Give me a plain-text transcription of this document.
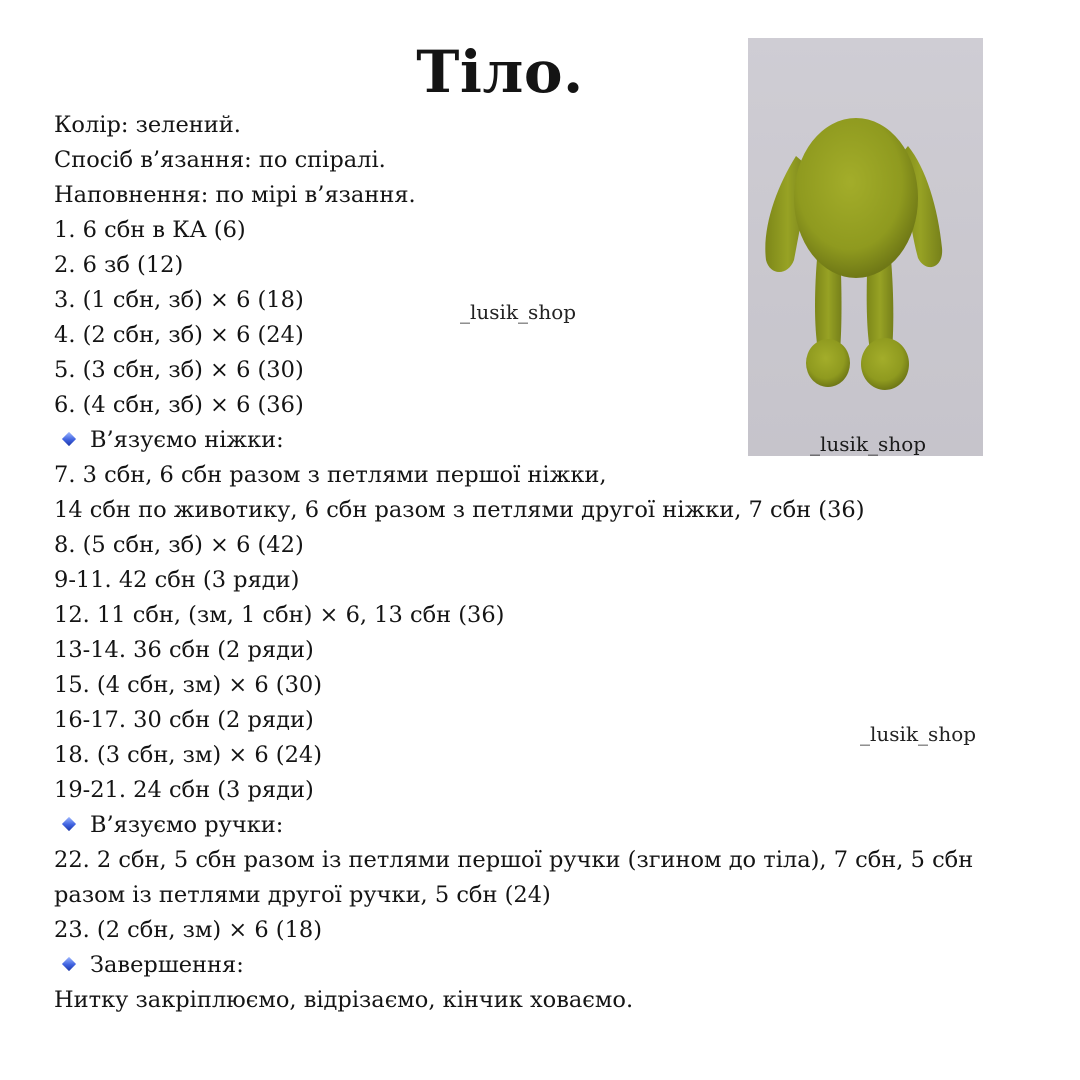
Тіло.
Колір: зелений.
Спосіб в’язання: по спіралі.
Наповнення: по мірі в’язання.
1. 6 сбн в КА (6)
2. 6 зб (12)
3. (1 сбн, зб) × 6 (18)
4. (2 сбн, зб) × 6 (24)
5. (3 сбн, зб) × 6 (30)
6. (4 сбн, зб) × 6 (36)
В’язуємо ніжки:
7. 3 сбн, 6 сбн разом з петлями першої ніжки,
14 сбн по животику, 6 сбн разом з петлями другої ніжки, 7 сбн (36)
8. (5 сбн, зб) × 6 (42)
9-11. 42 сбн (3 ряди)
12. 11 сбн, (зм, 1 сбн) × 6, 13 сбн (36)
13-14. 36 сбн (2 ряди)
15. (4 сбн, зм) × 6 (30)
16-17. 30 сбн (2 ряди)
18. (3 сбн, зм) × 6 (24)
19-21. 24 сбн (3 ряди)
В’язуємо ручки:
22. 2 сбн, 5 сбн разом із петлями першої ручки (згином до тіла), 7 сбн, 5 сбн
разом із петлями другої ручки, 5 сбн (24)
23. (2 сбн, зм) × 6 (18)
Завершення:
Нитку закріплюємо, відрізаємо, кінчик ховаємо.
_lusik_shop
_lusik_shop
_lusik_shop
